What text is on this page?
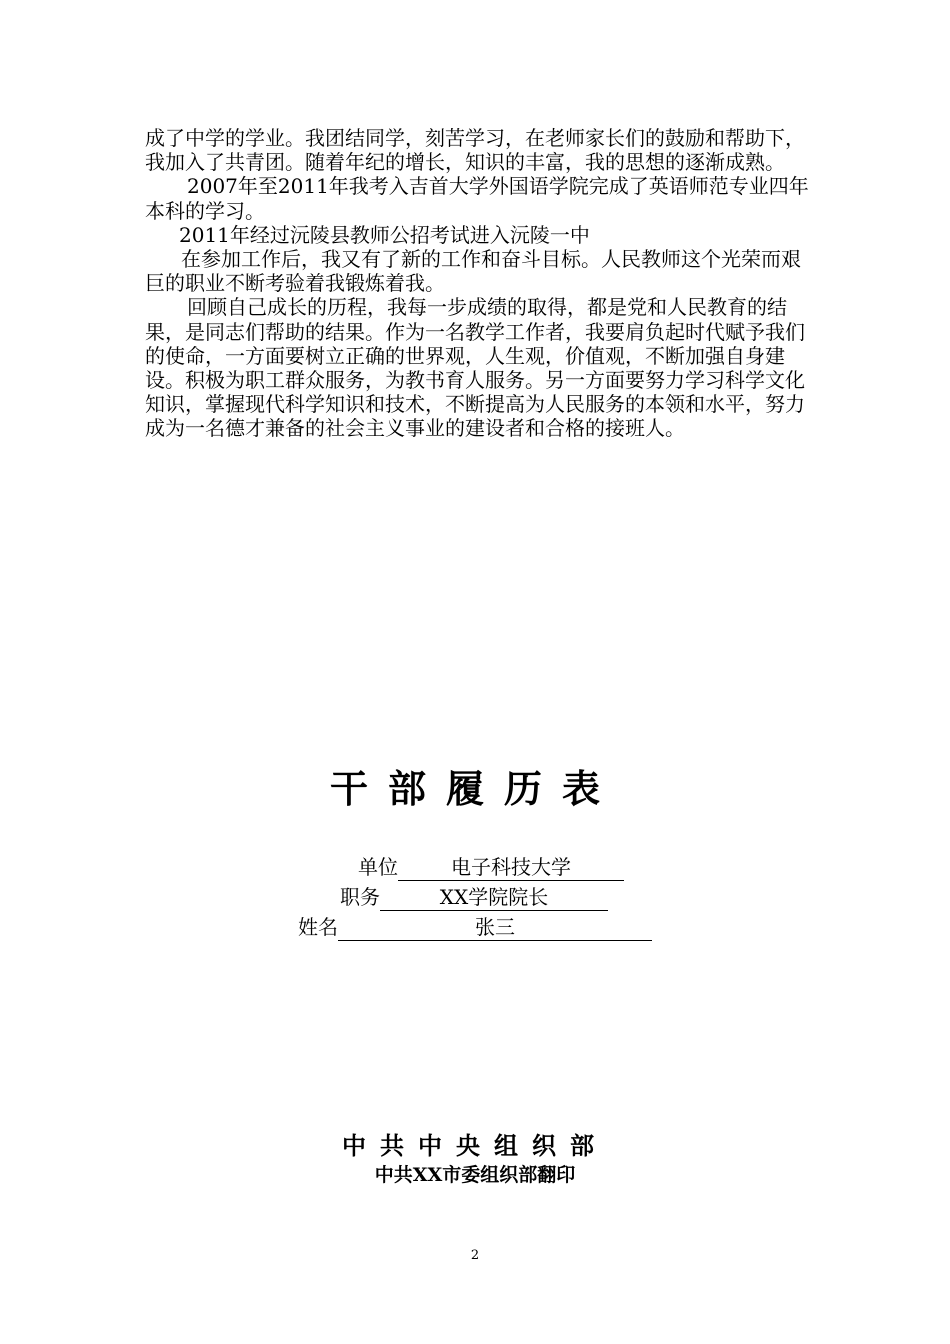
成了中学的学业。我团结同学，刻苦学习，在老师家长们的鼓励和帮助下，我加入了共青团。随着年纪的增长，知识的丰富，我的思想的逐渐成熟。

2007年至2011年我考入吉首大学外国语学院完成了英语师范专业四年本科的学习。

2011年经过沅陵县教师公招考试进入沅陵一中

在参加工作后，我又有了新的工作和奋斗目标。人民教师这个光荣而艰巨的职业不断考验着我锻炼着我。

回顾自己成长的历程，我每一步成绩的取得，都是党和人民教育的结果，是同志们帮助的结果。作为一名教学工作者，我要肩负起时代赋予我们的使命，一方面要树立正确的世界观，人生观，价值观，不断加强自身建设。积极为职工群众服务，为教书育人服务。另一方面要努力学习科学文化知识，掌握现代科学知识和技术，不断提高为人民服务的本领和水平，努力成为一名德才兼备的社会主义事业的建设者和合格的接班人。

干部履历表
单位	电子科技大学
职务	XX学院院长
姓名	张三
中共中央组织部
中共XX市委组织部翻印
2
